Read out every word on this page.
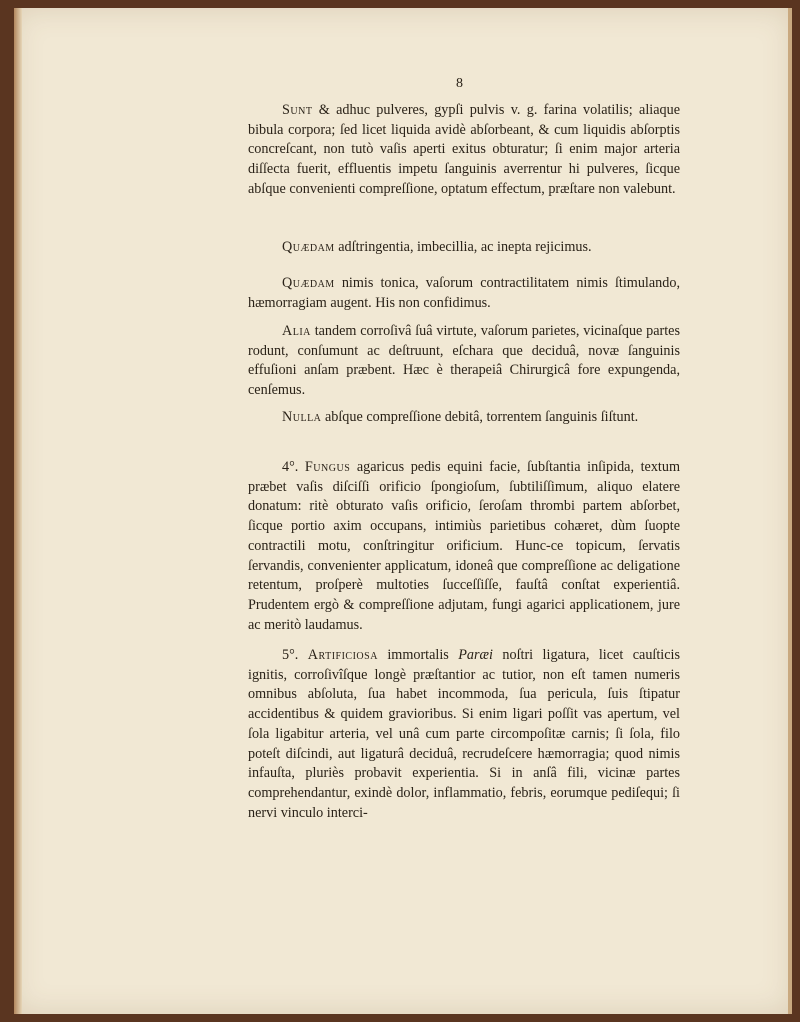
8

Sunt & adhuc pulveres, gypſi pulvis v. g. farina volatilis; aliaque bibula corpora; ſed licet liquida avidè abſorbeant, & cum liquidis abſorptis concreſcant, non tutò vaſis aperti exitus obturatur; ſi enim major arteria diſſecta fuerit, effluentis impetu ſanguinis averrentur hi pulveres, ſicque abſque convenienti compreſſione, optatum effectum, præſtare non valebunt.

Quædam adſtringentia, imbecillia, ac inepta rejicimus.

Quædam nimis tonica, vaſorum contractilitatem nimis ſtimulando, hæmorragiam augent. His non confidimus.

Alia tandem corroſivâ ſuâ virtute, vaſorum parietes, vicinaſque partes rodunt, conſumunt ac deſtruunt, eſchara que deciduâ, novæ ſanguinis effuſioni anſam præbent. Hæc è therapeiâ Chirurgicâ fore expungenda, cenſemus.

Nulla abſque compreſſione debitâ, torrentem ſanguinis ſiſtunt.

4°. Fungus agaricus pedis equini facie, ſubſtantia inſipida, textum præbet vaſis diſciſſi orificio ſpongioſum, ſubtiliſſimum, aliquo elatere donatum: ritè obturato vaſis orificio, ſeroſam thrombi partem abſorbet, ſicque portio axim occupans, intimiùs parietibus cohæret, dùm ſuopte contractili motu, conſtringitur orificium. Hunc-ce topicum, ſervatis ſervandis, convenienter applicatum, idoneâ que compreſſione ac deligatione retentum, proſperè multoties ſucceſſiſſe, fauſtâ conſtat experientiâ. Prudentem ergò & compreſſione adjutam, fungi agarici applicationem, jure ac meritò laudamus.

5°. Artificiosa immortalis Paræi noſtri ligatura, licet cauſticis ignitis, corroſivîſque longè præſtantior ac tutior, non eſt tamen numeris omnibus abſoluta, ſua habet incommoda, ſua pericula, ſuis ſtipatur accidentibus & quidem gravioribus. Si enim ligari poſſit vas apertum, vel ſola ligabitur arteria, vel unâ cum parte circompoſitæ carnis; ſi ſola, filo poteſt diſcindi, aut ligaturâ deciduâ, recrudeſcere hæmorragia; quod nimis infauſta, pluriès probavit experientia. Si in anſâ fili, vicinæ partes comprehendantur, exindè dolor, inflammatio, febris, eorumque pediſequi; ſi nervi vinculo interci-
